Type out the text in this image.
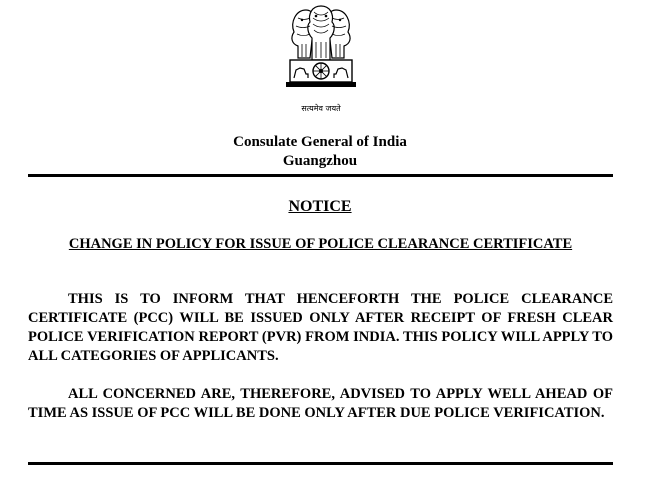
सत्यमेव जयते
Consulate General of India
Guangzhou
NOTICE
CHANGE IN POLICY FOR ISSUE OF POLICE CLEARANCE CERTIFICATE
THIS IS TO INFORM THAT HENCEFORTH THE POLICE CLEARANCE CERTIFICATE (PCC) WILL BE ISSUED ONLY AFTER RECEIPT OF FRESH CLEAR POLICE VERIFICATION REPORT (PVR) FROM INDIA. THIS POLICY WILL APPLY TO ALL CATEGORIES OF APPLICANTS.
ALL CONCERNED ARE, THEREFORE, ADVISED TO APPLY WELL AHEAD OF TIME AS ISSUE OF PCC WILL BE DONE ONLY AFTER DUE POLICE VERIFICATION.
